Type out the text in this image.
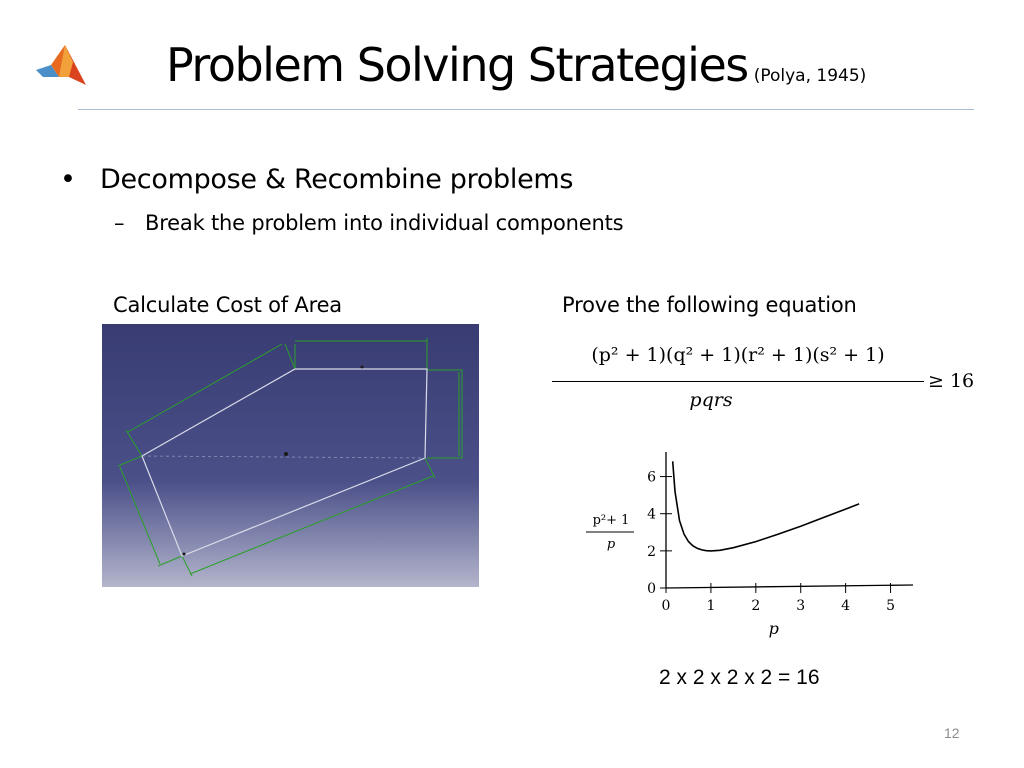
Problem Solving Strategies (Polya, 1945)
• Decompose & Recombine problems
– Break the problem into individual components
Calculate Cost of Area	Prove the following equation
(p² + 1)(q² + 1)(r² + 1)(s² + 1)
pqrs
≥ 16
p²+ 1
p
0
2
4
6
0	1	2	3	4	5
p
2 x 2 x 2 x 2 = 16
12
